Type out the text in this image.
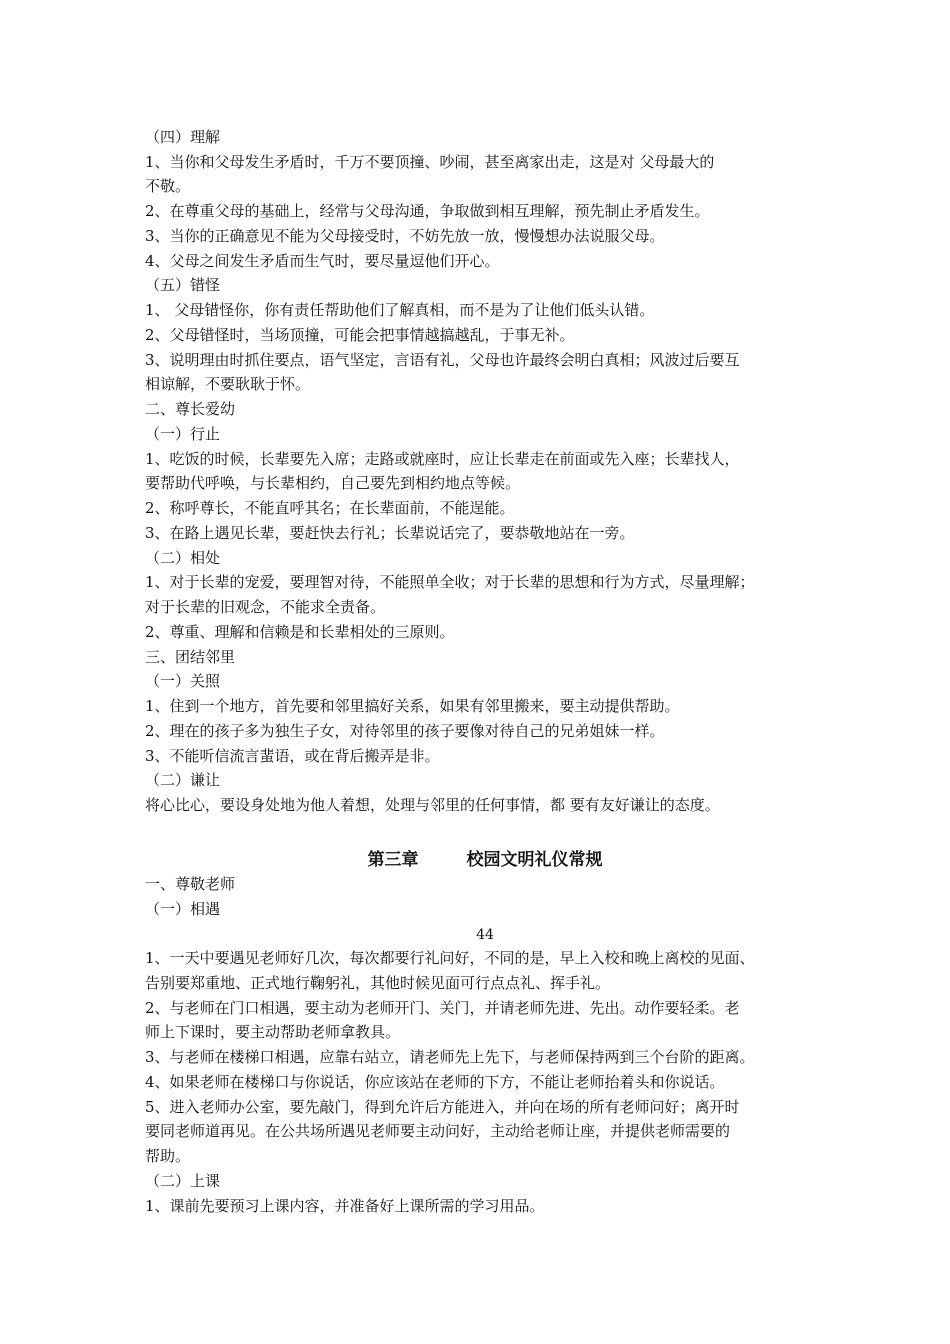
（四）理解
1、当你和父母发生矛盾时，千万不要顶撞、吵闹，甚至离家出走，这是对 父母最大的
不敬。
2、在尊重父母的基础上，经常与父母沟通，争取做到相互理解，预先制止矛盾发生。
3、当你的正确意见不能为父母接受时，不妨先放一放，慢慢想办法说服父母。
4、父母之间发生矛盾而生气时，要尽量逗他们开心。
（五）错怪
1、 父母错怪你，你有责任帮助他们了解真相，而不是为了让他们低头认错。
2、父母错怪时，当场顶撞，可能会把事情越搞越乱，于事无补。
3、说明理由时抓住要点，语气坚定，言语有礼，父母也许最终会明白真相；风波过后要互
相谅解，不要耿耿于怀。
二、尊长爱幼
（一）行止
1、吃饭的时候，长辈要先入席；走路或就座时，应让长辈走在前面或先入座；长辈找人，
要帮助代呼唤，与长辈相约，自己要先到相约地点等候。
2、称呼尊长，不能直呼其名；在长辈面前，不能逞能。
3、在路上遇见长辈，要赶快去行礼；长辈说话完了，要恭敬地站在一旁。
（二）相处
1、对于长辈的宠爱，要理智对待，不能照单全收；对于长辈的思想和行为方式，尽量理解；
对于长辈的旧观念，不能求全责备。
2、尊重、理解和信赖是和长辈相处的三原则。
三、团结邻里
（一）关照
1、住到一个地方，首先要和邻里搞好关系，如果有邻里搬来，要主动提供帮助。
2、理在的孩子多为独生子女，对待邻里的孩子要像对待自己的兄弟姐妹一样。
3、不能听信流言蜚语，或在背后搬弄是非。
（二）谦让
将心比心，要设身处地为他人着想，处理与邻里的任何事情，都 要有友好谦让的态度。
第三章	校园文明礼仪常规
一、尊敬老师
（一）相遇
44
1、一天中要遇见老师好几次，每次都要行礼问好，不同的是，早上入校和晚上离校的见面、
告别要郑重地、正式地行鞠躬礼，其他时候见面可行点点礼、挥手礼。
2、与老师在门口相遇，要主动为老师开门、关门，并请老师先进、先出。动作要轻柔。老
师上下课时，要主动帮助老师拿教具。
3、与老师在楼梯口相遇，应靠右站立，请老师先上先下，与老师保持两到三个台阶的距离。
4、如果老师在楼梯口与你说话，你应该站在老师的下方，不能让老师抬着头和你说话。
5、进入老师办公室，要先敲门，得到允许后方能进入，并向在场的所有老师问好；离开时
要同老师道再见。在公共场所遇见老师要主动问好，主动给老师让座，并提供老师需要的
帮助。
（二）上课
1、课前先要预习上课内容，并准备好上课所需的学习用品。
